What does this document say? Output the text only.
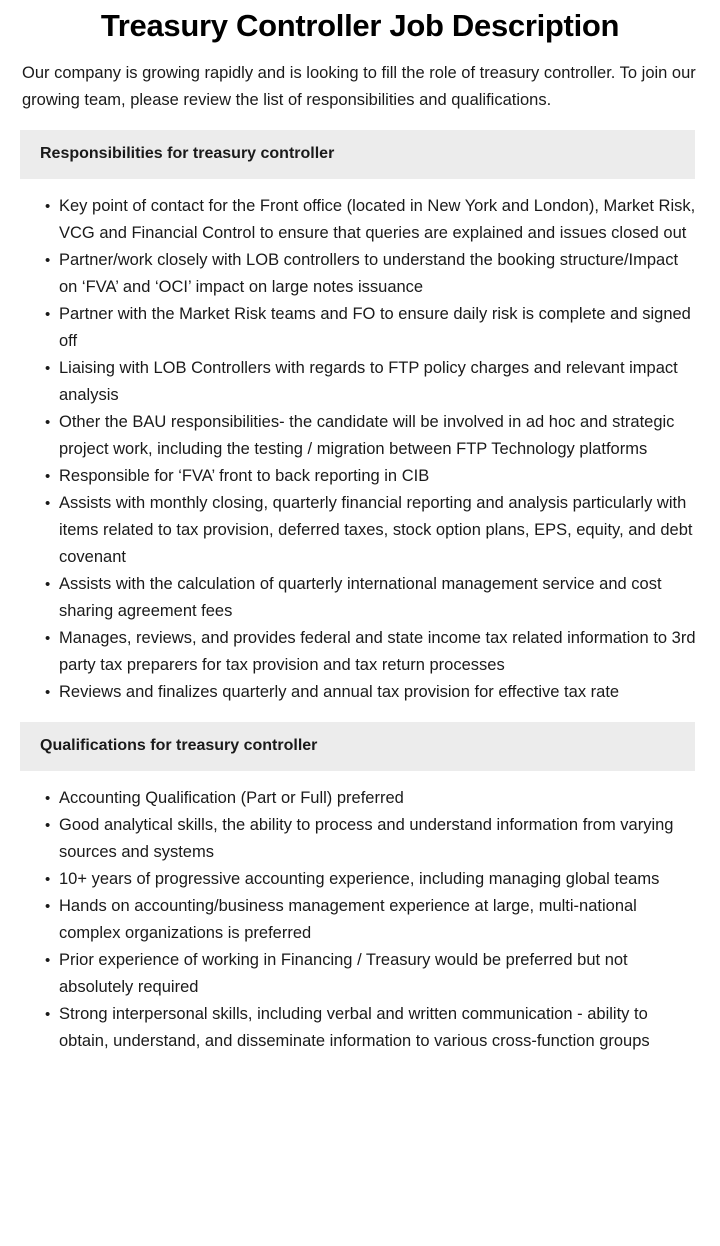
Treasury Controller Job Description

Our company is growing rapidly and is looking to fill the role of treasury controller. To join our growing team, please review the list of responsibilities and qualifications.

Responsibilities for treasury controller
• Key point of contact for the Front office (located in New York and London), Market Risk, VCG and Financial Control to ensure that queries are explained and issues closed out
• Partner/work closely with LOB controllers to understand the booking structure/Impact on ‘FVA’ and ‘OCI’ impact on large notes issuance
• Partner with the Market Risk teams and FO to ensure daily risk is complete and signed off
• Liaising with LOB Controllers with regards to FTP policy charges and relevant impact analysis
• Other the BAU responsibilities- the candidate will be involved in ad hoc and strategic project work, including the testing / migration between FTP Technology platforms
• Responsible for ‘FVA’ front to back reporting in CIB
• Assists with monthly closing, quarterly financial reporting and analysis particularly with items related to tax provision, deferred taxes, stock option plans, EPS, equity, and debt covenant
• Assists with the calculation of quarterly international management service and cost sharing agreement fees
• Manages, reviews, and provides federal and state income tax related information to 3rd party tax preparers for tax provision and tax return processes
• Reviews and finalizes quarterly and annual tax provision for effective tax rate
Qualifications for treasury controller
• Accounting Qualification (Part or Full) preferred
• Good analytical skills, the ability to process and understand information from varying sources and systems
• 10+ years of progressive accounting experience, including managing global teams
• Hands on accounting/business management experience at large, multi-national complex organizations is preferred
• Prior experience of working in Financing / Treasury would be preferred but not absolutely required
• Strong interpersonal skills, including verbal and written communication - ability to obtain, understand, and disseminate information to various cross-function groups
